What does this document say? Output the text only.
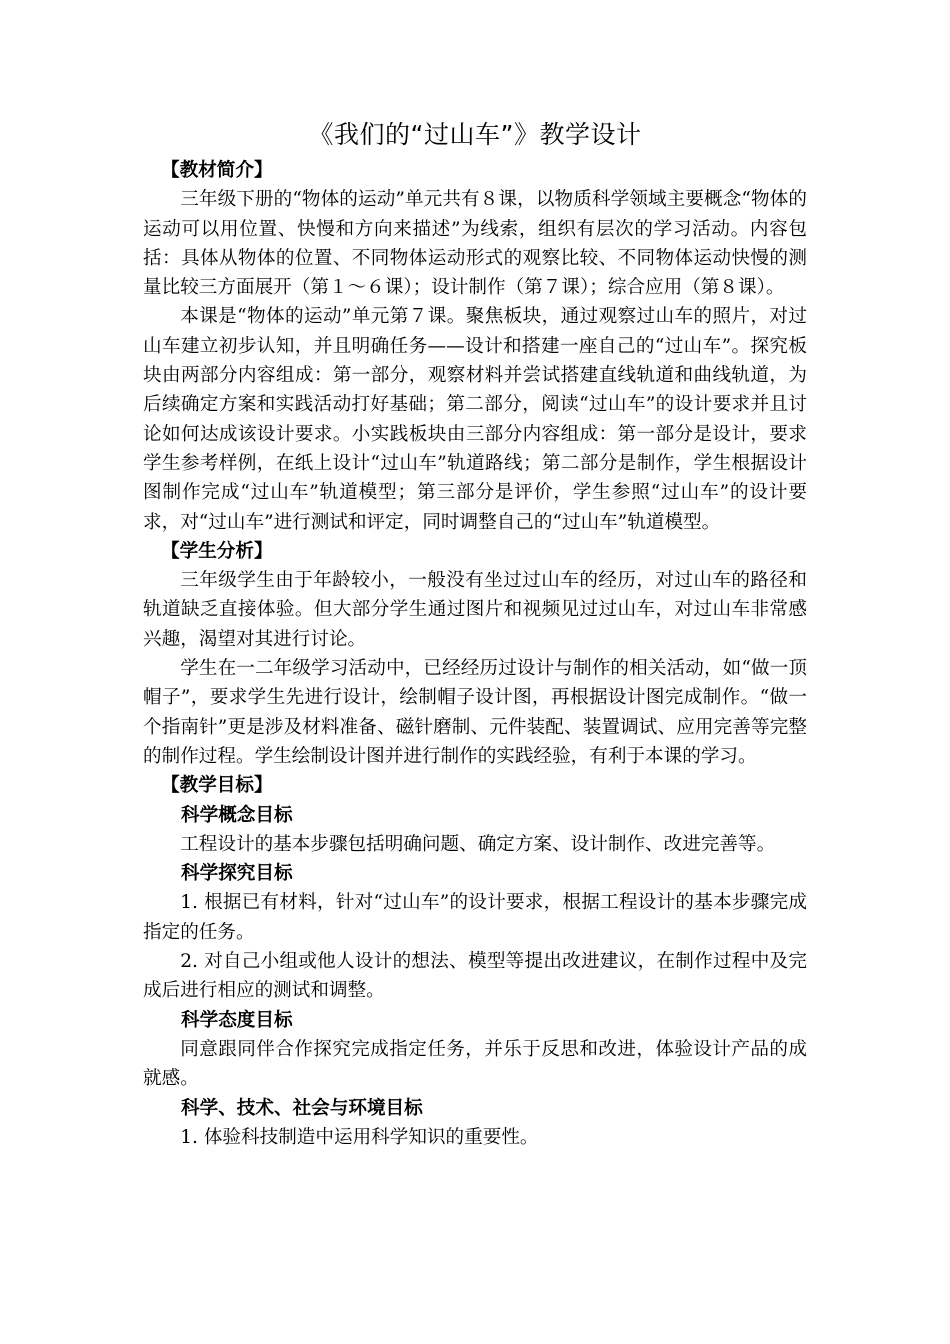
《我们的“过山车”》教学设计
【教材简介】

三年级下册的“物体的运动”单元共有８课，以物质科学领域主要概念“物体的运动可以用位置、快慢和方向来描述”为线索，组织有层次的学习活动。内容包括：具体从物体的位置、不同物体运动形式的观察比较、不同物体运动快慢的测量比较三方面展开（第１～６课）；设计制作（第７课）；综合应用（第８课）。

本课是“物体的运动”单元第７课。聚焦板块，通过观察过山车的照片，对过山车建立初步认知，并且明确任务——设计和搭建一座自己的“过山车”。探究板块由两部分内容组成：第一部分，观察材料并尝试搭建直线轨道和曲线轨道，为后续确定方案和实践活动打好基础；第二部分，阅读“过山车”的设计要求并且讨论如何达成该设计要求。小实践板块由三部分内容组成：第一部分是设计，要求学生参考样例，在纸上设计“过山车”轨道路线；第二部分是制作，学生根据设计图制作完成“过山车”轨道模型；第三部分是评价，学生参照“过山车”的设计要求，对“过山车”进行测试和评定，同时调整自己的“过山车”轨道模型。

【学生分析】

三年级学生由于年龄较小，一般没有坐过过山车的经历，对过山车的路径和轨道缺乏直接体验。但大部分学生通过图片和视频见过过山车，对过山车非常感兴趣，渴望对其进行讨论。

学生在一二年级学习活动中，已经经历过设计与制作的相关活动，如“做一顶帽子”，要求学生先进行设计，绘制帽子设计图，再根据设计图完成制作。“做一个指南针”更是涉及材料准备、磁针磨制、元件装配、装置调试、应用完善等完整的制作过程。学生绘制设计图并进行制作的实践经验，有利于本课的学习。

【教学目标】
科学概念目标

工程设计的基本步骤包括明确问题、确定方案、设计制作、改进完善等。

科学探究目标

1. 根据已有材料，针对“过山车”的设计要求，根据工程设计的基本步骤完成指定的任务。

2. 对自己小组或他人设计的想法、模型等提出改进建议，在制作过程中及完成后进行相应的测试和调整。

科学态度目标

同意跟同伴合作探究完成指定任务，并乐于反思和改进，体验设计产品的成就感。

科学、技术、社会与环境目标

1. 体验科技制造中运用科学知识的重要性。
